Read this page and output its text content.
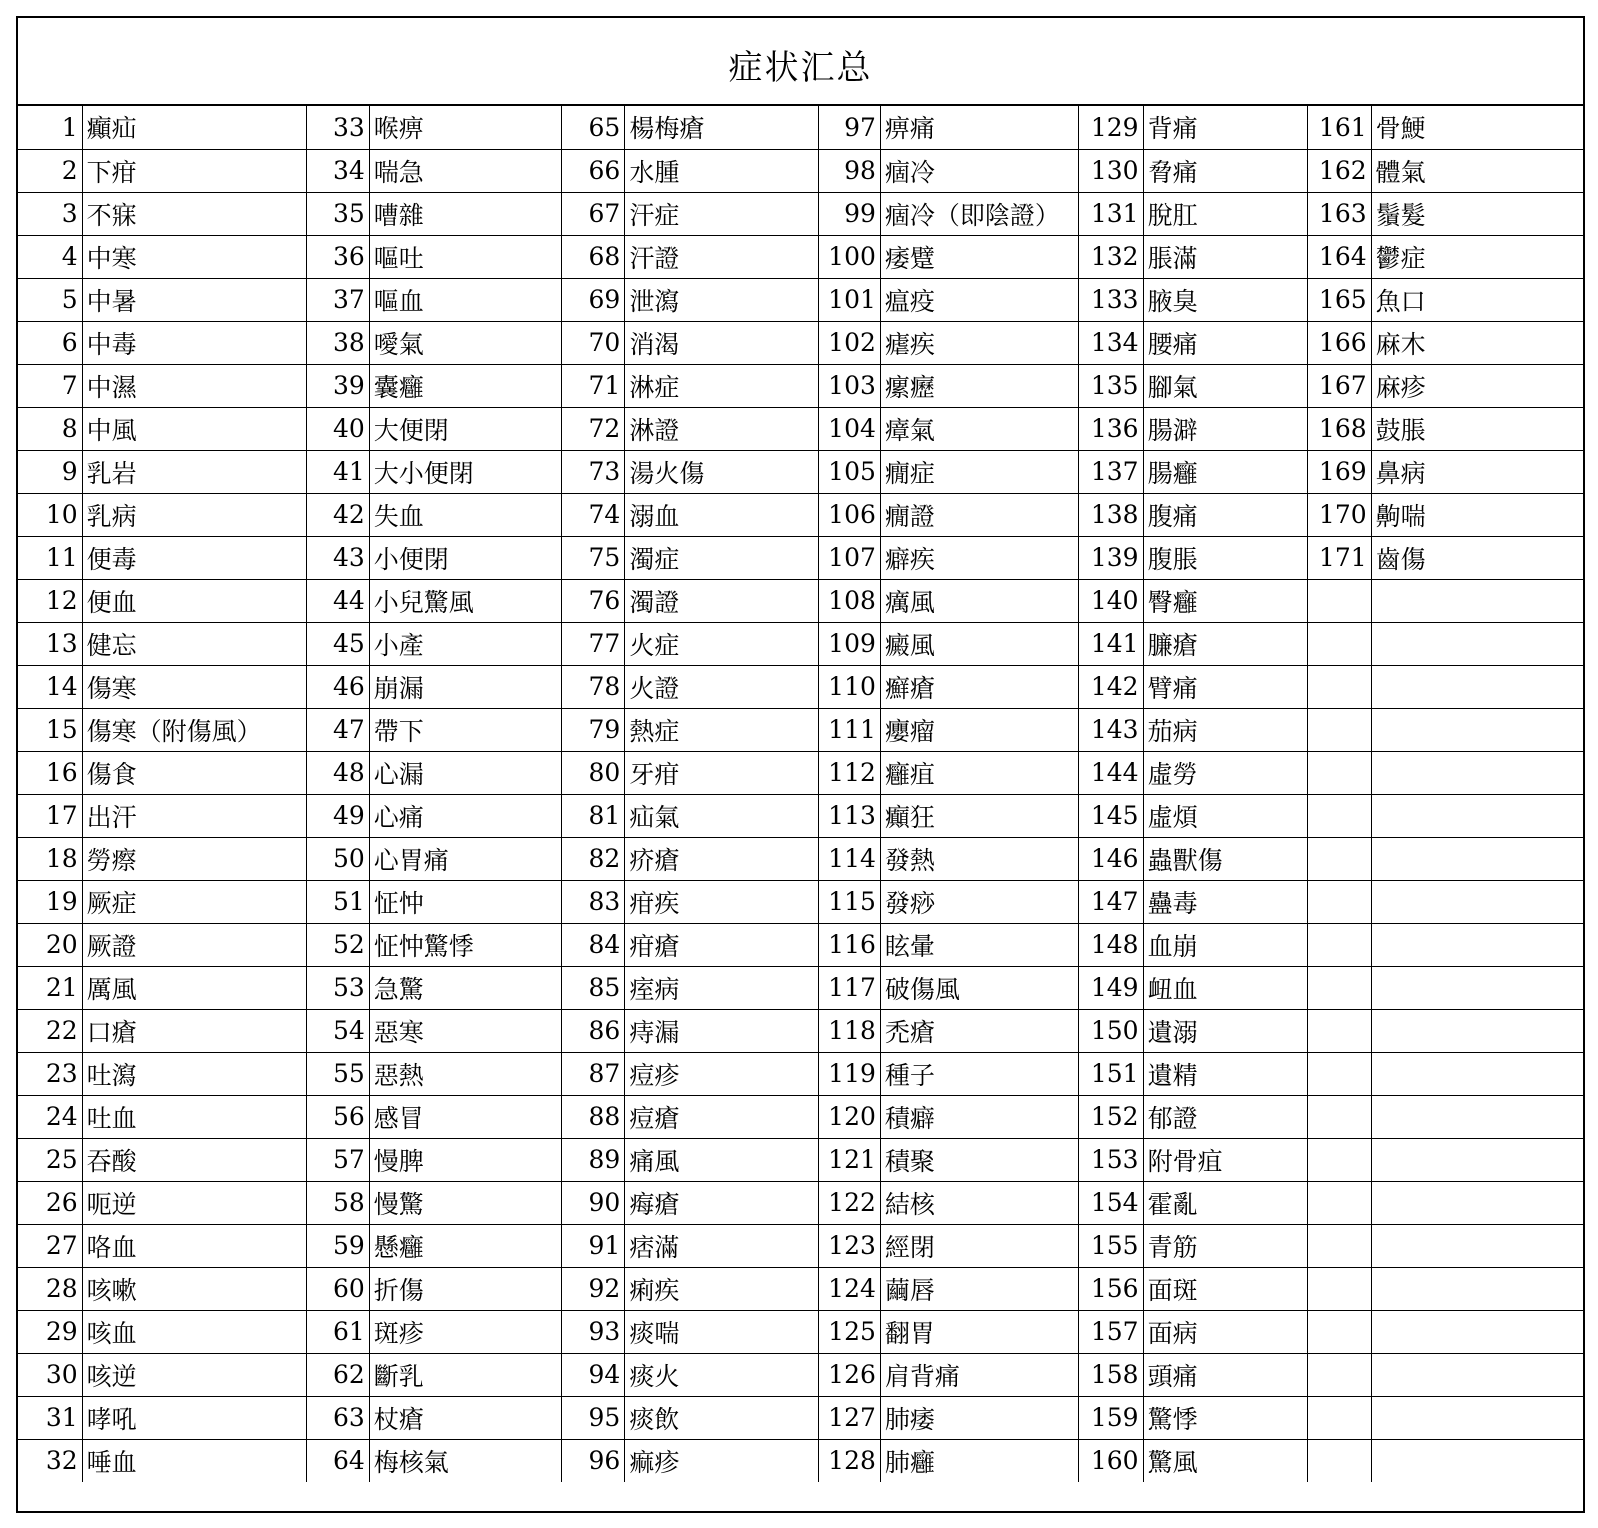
症状汇总
1	癲疝	33	喉痹	65	楊梅瘡	97	痹痛	129	背痛	161	骨鯁
2	下疳	34	喘急	66	水腫	98	痼冷	130	脅痛	162	體氣
3	不寐	35	嘈雜	67	汗症	99	痼冷（即陰證）	131	脫肛	163	鬚髮
4	中寒	36	嘔吐	68	汗證	100	痿躄	132	脹滿	164	鬱症
5	中暑	37	嘔血	69	泄瀉	101	瘟疫	133	腋臭	165	魚口
6	中毒	38	噯氣	70	消渴	102	瘧疾	134	腰痛	166	麻木
7	中濕	39	囊癰	71	淋症	103	瘰癧	135	腳氣	167	麻疹
8	中風	40	大便閉	72	淋證	104	瘴氣	136	腸澼	168	鼓脹
9	乳岩	41	大小便閉	73	湯火傷	105	癇症	137	腸癰	169	鼻病
10	乳病	42	失血	74	溺血	106	癇證	138	腹痛	170	齁喘
11	便毒	43	小便閉	75	濁症	107	癖疾	139	腹脹	171	齒傷
12	便血	44	小兒驚風	76	濁證	108	癘風	140	臀癰		
13	健忘	45	小產	77	火症	109	癜風	141	臁瘡		
14	傷寒	46	崩漏	78	火證	110	癬瘡	142	臂痛		
15	傷寒（附傷風）	47	帶下	79	熱症	111	癭瘤	143	茄病		
16	傷食	48	心漏	80	牙疳	112	癰疽	144	虛勞		
17	出汗	49	心痛	81	疝氣	113	癲狂	145	虛煩		
18	勞瘵	50	心胃痛	82	疥瘡	114	發熱	146	蟲獸傷		
19	厥症	51	怔忡	83	疳疾	115	發痧	147	蠱毒		
20	厥證	52	怔忡驚悸	84	疳瘡	116	眩暈	148	血崩		
21	厲風	53	急驚	85	痓病	117	破傷風	149	衄血		
22	口瘡	54	惡寒	86	痔漏	118	禿瘡	150	遺溺		
23	吐瀉	55	惡熱	87	痘疹	119	種子	151	遺精		
24	吐血	56	感冒	88	痘瘡	120	積癖	152	郁證		
25	吞酸	57	慢脾	89	痛風	121	積聚	153	附骨疽		
26	呃逆	58	慢驚	90	痗瘡	122	結核	154	霍亂		
27	咯血	59	懸癰	91	痞滿	123	經閉	155	青筋		
28	咳嗽	60	折傷	92	痢疾	124	繭唇	156	面斑		
29	咳血	61	斑疹	93	痰喘	125	翻胃	157	面病		
30	咳逆	62	斷乳	94	痰火	126	肩背痛	158	頭痛		
31	哮吼	63	杖瘡	95	痰飲	127	肺痿	159	驚悸		
32	唾血	64	梅核氣	96	痲疹	128	肺癰	160	驚風		
